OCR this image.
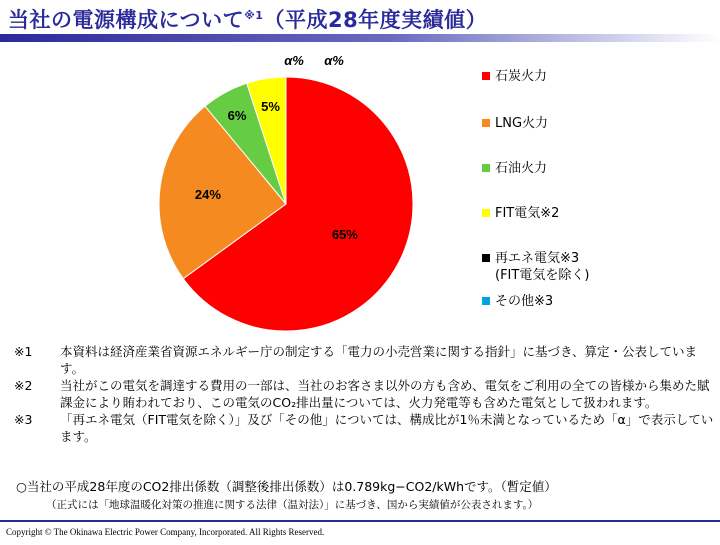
当社の電源構成について$^{※1}$（平成28年度実績値）
65%
24%
6%
5%
α% α%
石炭火力
LNG火力
石油火力
FIT電気※2
再エネ電気※3
(FIT電気を除く)
その他※3
※1 本資料は経済産業省資源エネルギー庁の制定する「電力の小売営業に関する指針」に基づき、算定・公表しています。
※2 当社がこの電気を調達する費用の一部は、当社のお客さま以外の方も含め、電気をご利用の全ての皆様から集めた賦課金により賄われており、この電気のCO₂排出量については、火力発電等も含めた電気として扱われます。
※3 「再エネ電気（FIT電気を除く）」及び「その他」については、構成比が1％未満となっているため「α」で表示しています。
○当社の平成28年度のCO2排出係数（調整後排出係数）は0.789kg−CO2/kWhです。（暫定値）
（正式には「地球温暖化対策の推進に関する法律（温対法）」に基づき、国から実績値が公表されます。）
Copyright © The Okinawa Electric Power Company, Incorporated. All Rights Reserved.
